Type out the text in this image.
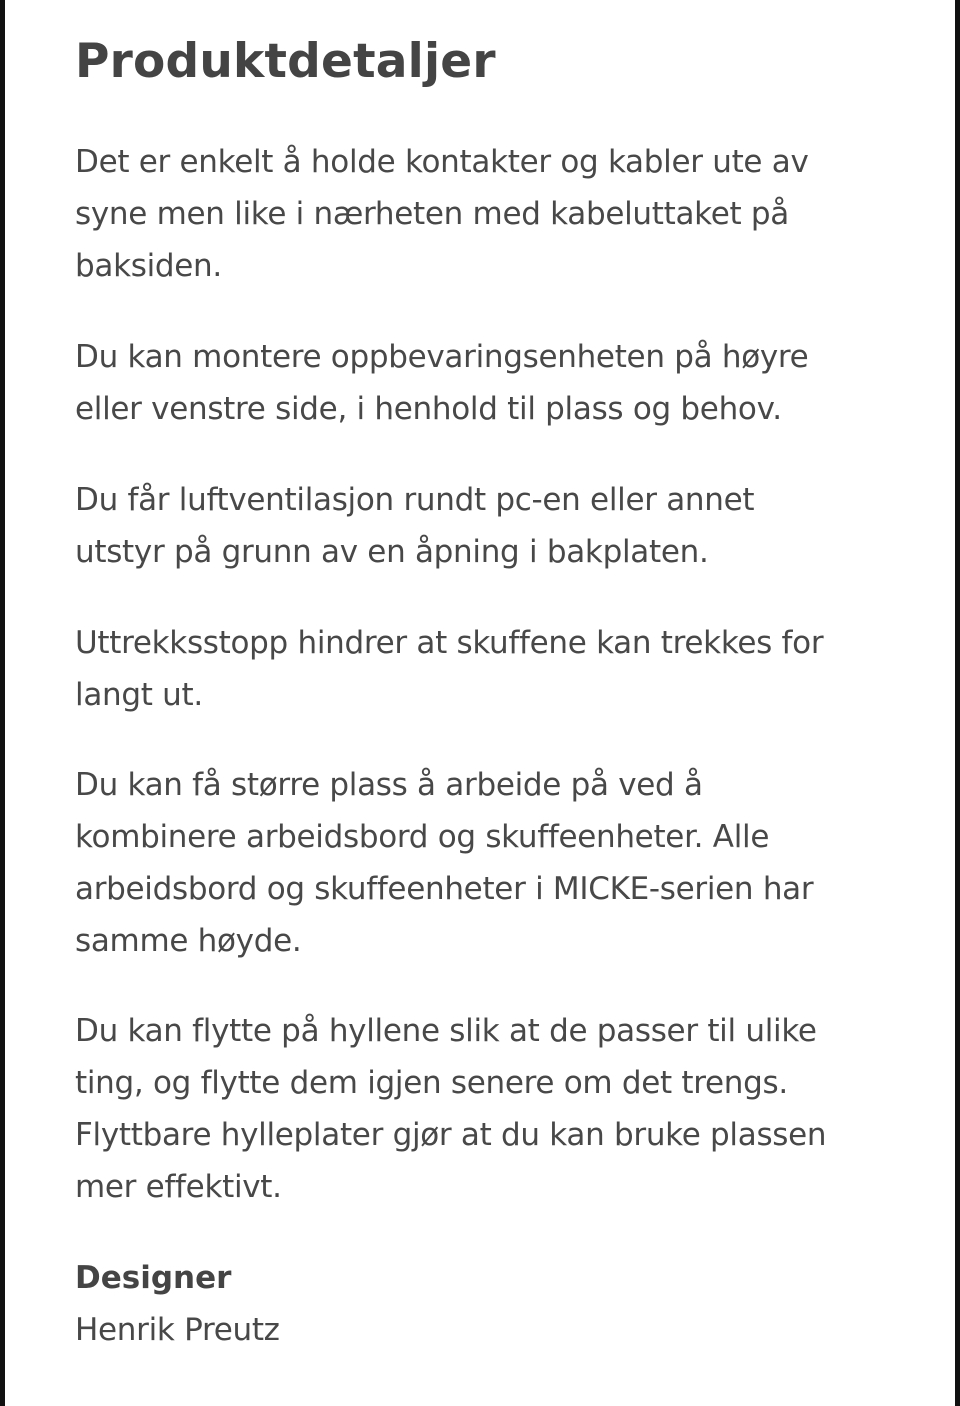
Produktdetaljer

Det er enkelt å holde kontakter og kabler ute av
syne men like i nærheten med kabeluttaket på
baksiden.

Du kan montere oppbevaringsenheten på høyre
eller venstre side, i henhold til plass og behov.

Du får luftventilasjon rundt pc-en eller annet
utstyr på grunn av en åpning i bakplaten.

Uttrekksstopp hindrer at skuffene kan trekkes for
langt ut.

Du kan få større plass å arbeide på ved å
kombinere arbeidsbord og skuffeenheter. Alle
arbeidsbord og skuffeenheter i MICKE-serien har
samme høyde.

Du kan flytte på hyllene slik at de passer til ulike
ting, og flytte dem igjen senere om det trengs.
Flyttbare hylleplater gjør at du kan bruke plassen
mer effektivt.

Designer

Henrik Preutz
